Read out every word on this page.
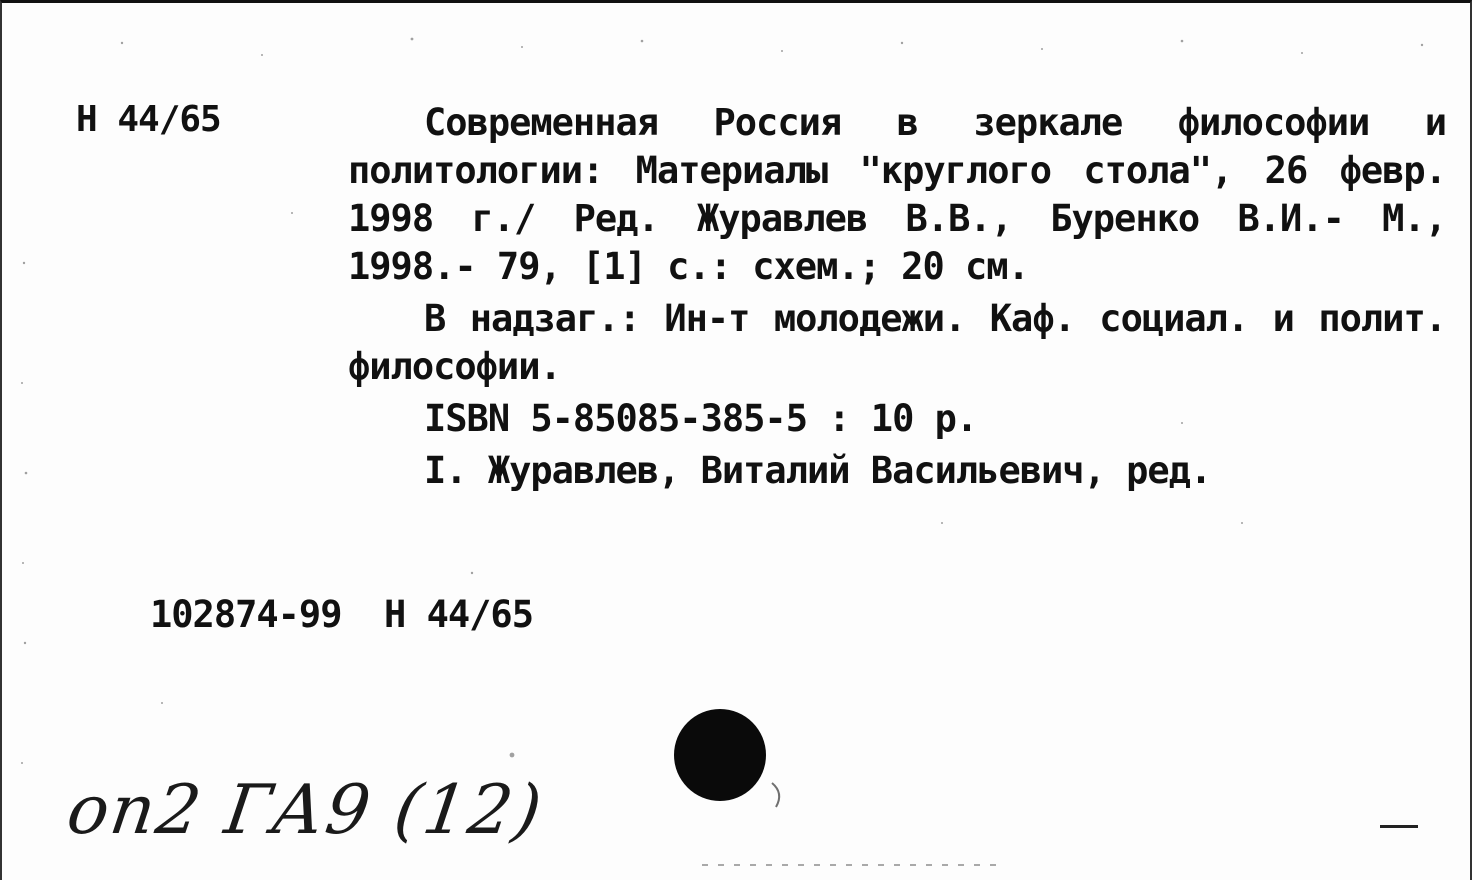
Н 44/65	Современная Россия в зеркале философии и политологии: Материалы "круглого стола", 26 февр. 1998 г./ Ред. Журавлев В.В., Буренко В.И.- М., 1998.- 79, [1] с.: схем.; 20 см.

В надзаг.: Ин-т молодежи. Каф. социал. и полит. философии.

ISBN 5-85085-385-5 : 10 р.

I. Журавлев, Виталий Васильевич, ред.

102874-99 Н 44/65
оп2 ГА9 (12)
